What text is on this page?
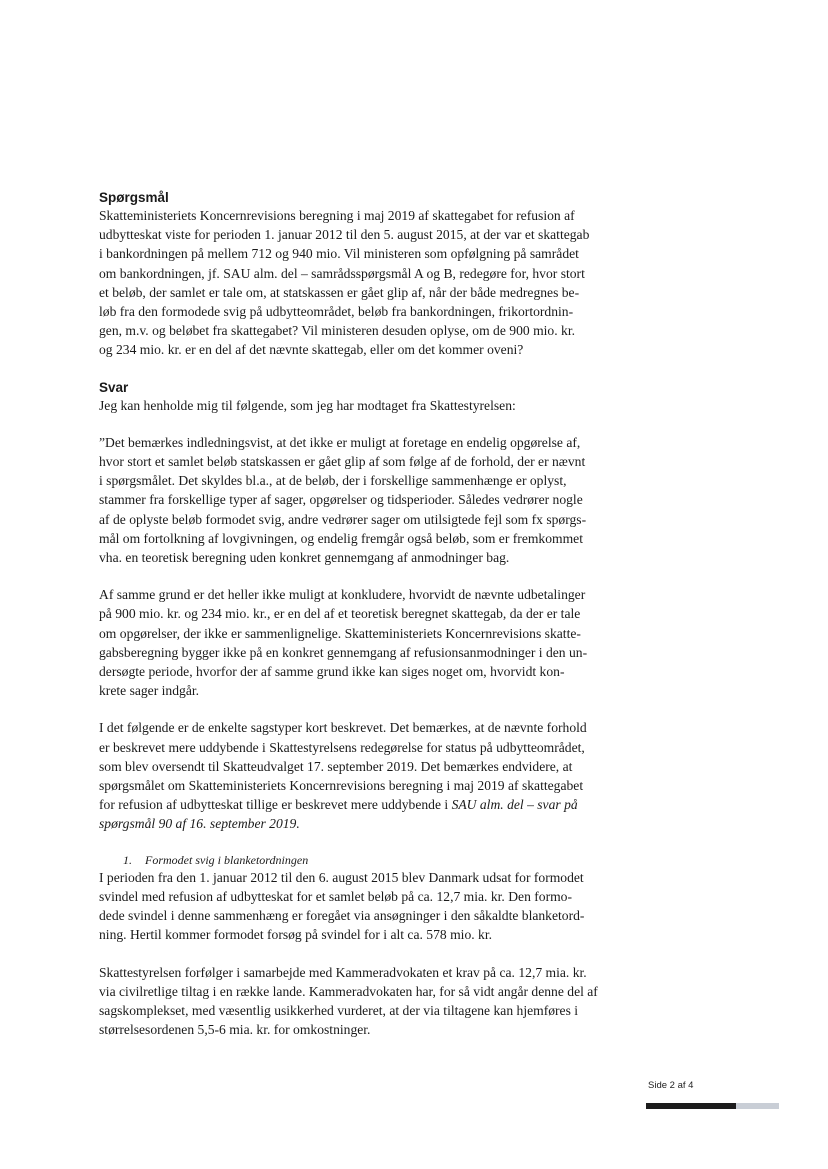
Spørgsmål

Skatteministeriets Koncernrevisions beregning i maj 2019 af skattegabet for refusion af

udbytteskat viste for perioden 1. januar 2012 til den 5. august 2015, at der var et skattegab

i bankordningen på mellem 712 og 940 mio. Vil ministeren som opfølgning på samrådet

om bankordningen, jf. SAU alm. del – samrådsspørgsmål A og B, redegøre for, hvor stort

et beløb, der samlet er tale om, at statskassen er gået glip af, når der både medregnes be-

løb fra den formodede svig på udbytteområdet, beløb fra bankordningen, frikortordnin-

gen, m.v. og beløbet fra skattegabet? Vil ministeren desuden oplyse, om de 900 mio. kr.

og 234 mio. kr. er en del af det nævnte skattegab, eller om det kommer oveni?

Svar

Jeg kan henholde mig til følgende, som jeg har modtaget fra Skattestyrelsen:

”Det bemærkes indledningsvist, at det ikke er muligt at foretage en endelig opgørelse af,

hvor stort et samlet beløb statskassen er gået glip af som følge af de forhold, der er nævnt

i spørgsmålet. Det skyldes bl.a., at de beløb, der i forskellige sammenhænge er oplyst,

stammer fra forskellige typer af sager, opgørelser og tidsperioder. Således vedrører nogle

af de oplyste beløb formodet svig, andre vedrører sager om utilsigtede fejl som fx spørgs-

mål om fortolkning af lovgivningen, og endelig fremgår også beløb, som er fremkommet

vha. en teoretisk beregning uden konkret gennemgang af anmodninger bag.

Af samme grund er det heller ikke muligt at konkludere, hvorvidt de nævnte udbetalinger

på 900 mio. kr. og 234 mio. kr., er en del af et teoretisk beregnet skattegab, da der er tale

om opgørelser, der ikke er sammenlignelige. Skatteministeriets Koncernrevisions skatte-

gabsberegning bygger ikke på en konkret gennemgang af refusionsanmodninger i den un-

dersøgte periode, hvorfor der af samme grund ikke kan siges noget om, hvorvidt kon-

krete sager indgår.

I det følgende er de enkelte sagstyper kort beskrevet. Det bemærkes, at de nævnte forhold

er beskrevet mere uddybende i Skattestyrelsens redegørelse for status på udbytteområdet,

som blev oversendt til Skatteudvalget 17. september 2019. Det bemærkes endvidere, at

spørgsmålet om Skatteministeriets Koncernrevisions beregning i maj 2019 af skattegabet

for refusion af udbytteskat tillige er beskrevet mere uddybende i SAU alm. del – svar på

spørgsmål 90 af 16. september 2019.

1. Formodet svig i blanketordningen

I perioden fra den 1. januar 2012 til den 6. august 2015 blev Danmark udsat for formodet

svindel med refusion af udbytteskat for et samlet beløb på ca. 12,7 mia. kr. Den formo-

dede svindel i denne sammenhæng er foregået via ansøgninger i den såkaldte blanketord-

ning. Hertil kommer formodet forsøg på svindel for i alt ca. 578 mio. kr.

Skattestyrelsen forfølger i samarbejde med Kammeradvokaten et krav på ca. 12,7 mia. kr.

via civilretlige tiltag i en række lande. Kammeradvokaten har, for så vidt angår denne del af

sagskomplekset, med væsentlig usikkerhed vurderet, at der via tiltagene kan hjemføres i

størrelsesordenen 5,5-6 mia. kr. for omkostninger.

Side 2 af 4
